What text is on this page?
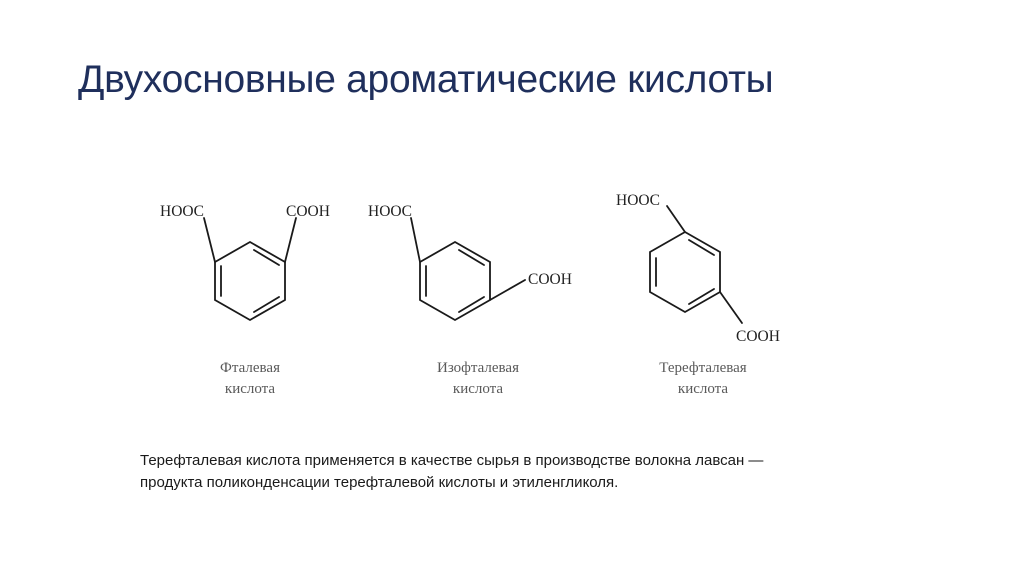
Двухосновные ароматические кислоты
HOOC	COOH
Фталевая
кислота
HOOC
COOH
Изофталевая
кислота
HOOC
COOH
Терефталевая
кислота

Терефталевая кислота применяется в качестве сырья в производстве волокна лавсан —
продукта поликонденсации терефталевой кислоты и этиленгликоля.
